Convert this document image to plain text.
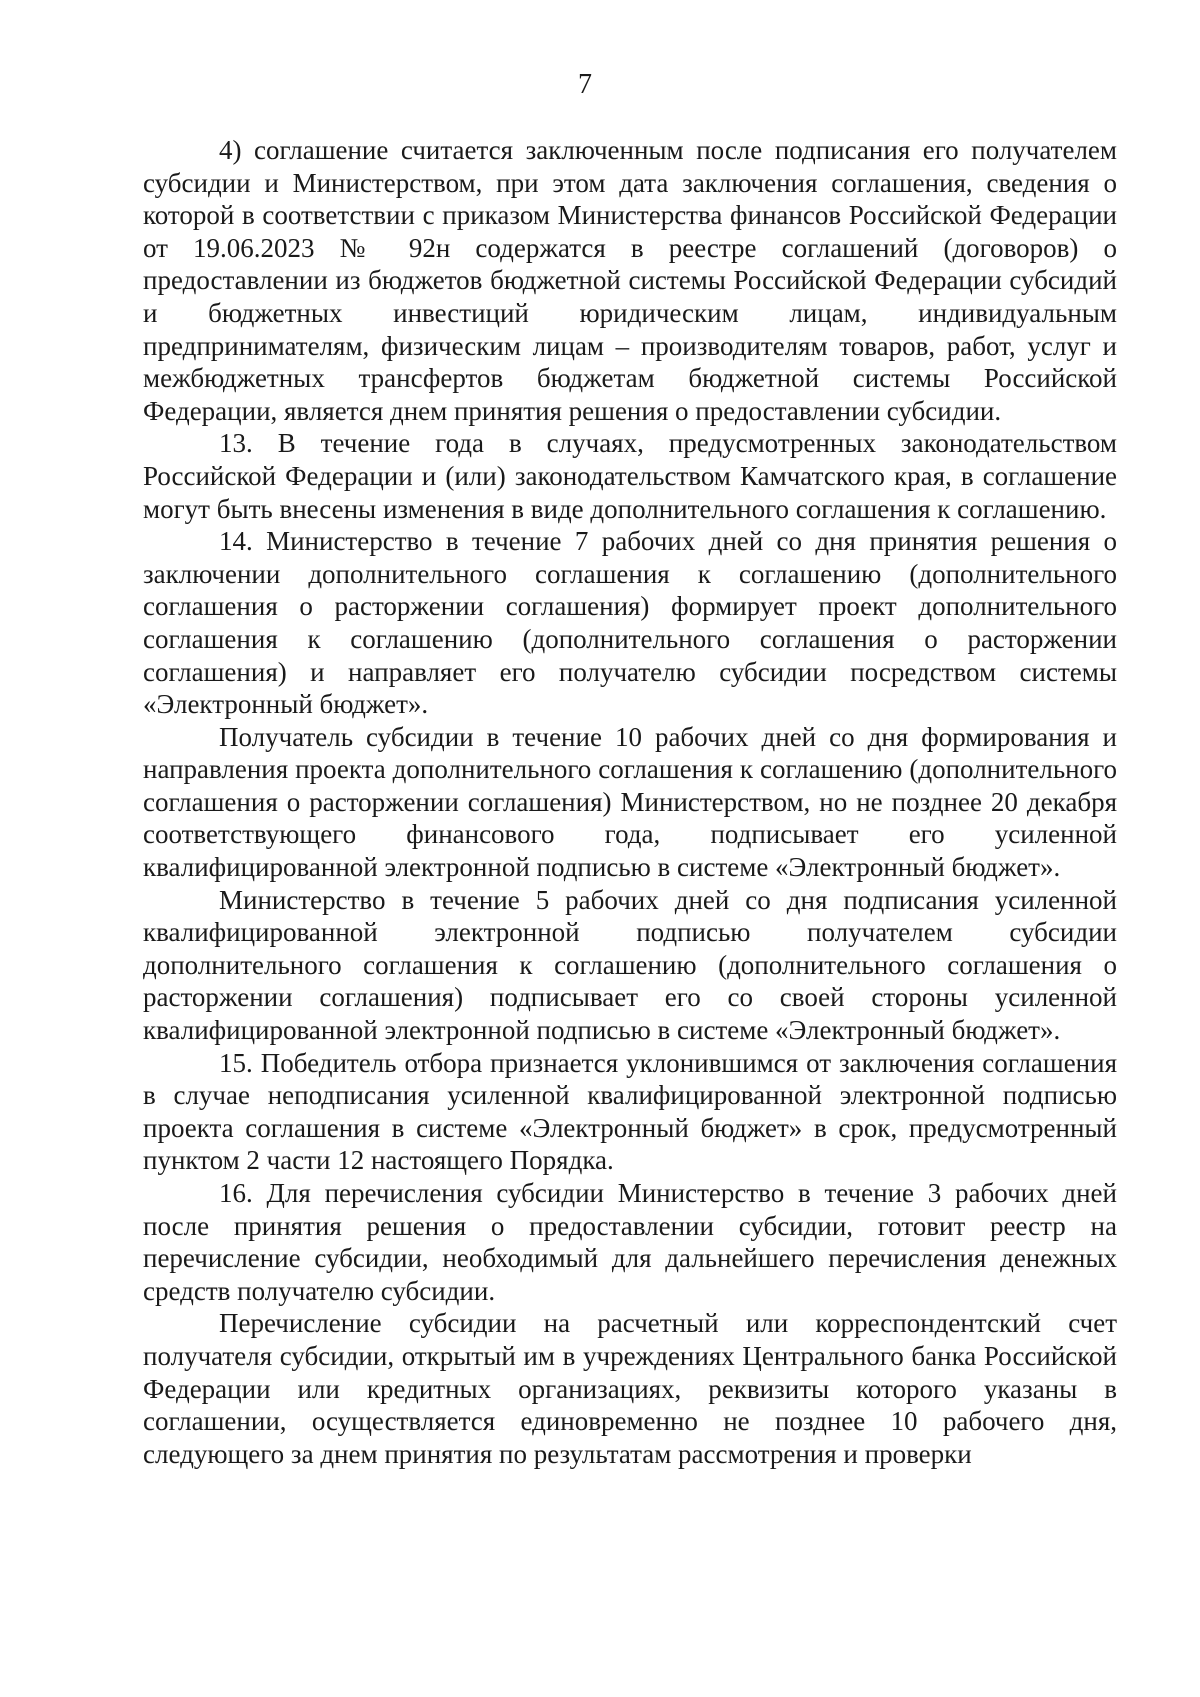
7

4) соглашение считается заключенным после подписания его получателем субсидии и Министерством, при этом дата заключения соглашения, сведения о которой в соответствии с приказом Министерства финансов Российской Федерации от 19.06.2023 № 92н содержатся в реестре соглашений (договоров) о предоставлении из бюджетов бюджетной системы Российской Федерации субсидий и бюджетных инвестиций юридическим лицам, индивидуальным предпринимателям, физическим лицам – производителям товаров, работ, услуг и межбюджетных трансфертов бюджетам бюджетной системы Российской Федерации, является днем принятия решения о предоставлении субсидии.

13. В течение года в случаях, предусмотренных законодательством Российской Федерации и (или) законодательством Камчатского края, в соглашение могут быть внесены изменения в виде дополнительного соглашения к соглашению.

14. Министерство в течение 7 рабочих дней со дня принятия решения о заключении дополнительного соглашения к соглашению (дополнительного соглашения о расторжении соглашения) формирует проект дополнительного соглашения к соглашению (дополнительного соглашения о расторжении соглашения) и направляет его получателю субсидии посредством системы «Электронный бюджет».

Получатель субсидии в течение 10 рабочих дней со дня формирования и направления проекта дополнительного соглашения к соглашению (дополнительного соглашения о расторжении соглашения) Министерством, но не позднее 20 декабря соответствующего финансового года, подписывает его усиленной квалифицированной электронной подписью в системе «Электронный бюджет».

Министерство в течение 5 рабочих дней со дня подписания усиленной квалифицированной электронной подписью получателем субсидии дополнительного соглашения к соглашению (дополнительного соглашения о расторжении соглашения) подписывает его со своей стороны усиленной квалифицированной электронной подписью в системе «Электронный бюджет».

15. Победитель отбора признается уклонившимся от заключения соглашения в случае неподписания усиленной квалифицированной электронной подписью проекта соглашения в системе «Электронный бюджет» в срок, предусмотренный пунктом 2 части 12 настоящего Порядка.

16. Для перечисления субсидии Министерство в течение 3 рабочих дней после принятия решения о предоставлении субсидии, готовит реестр на перечисление субсидии, необходимый для дальнейшего перечисления денежных средств получателю субсидии.

Перечисление субсидии на расчетный или корреспондентский счет получателя субсидии, открытый им в учреждениях Центрального банка Российской Федерации или кредитных организациях, реквизиты которого указаны в соглашении, осуществляется единовременно не позднее 10 рабочего дня, следующего за днем принятия по результатам рассмотрения и проверки
